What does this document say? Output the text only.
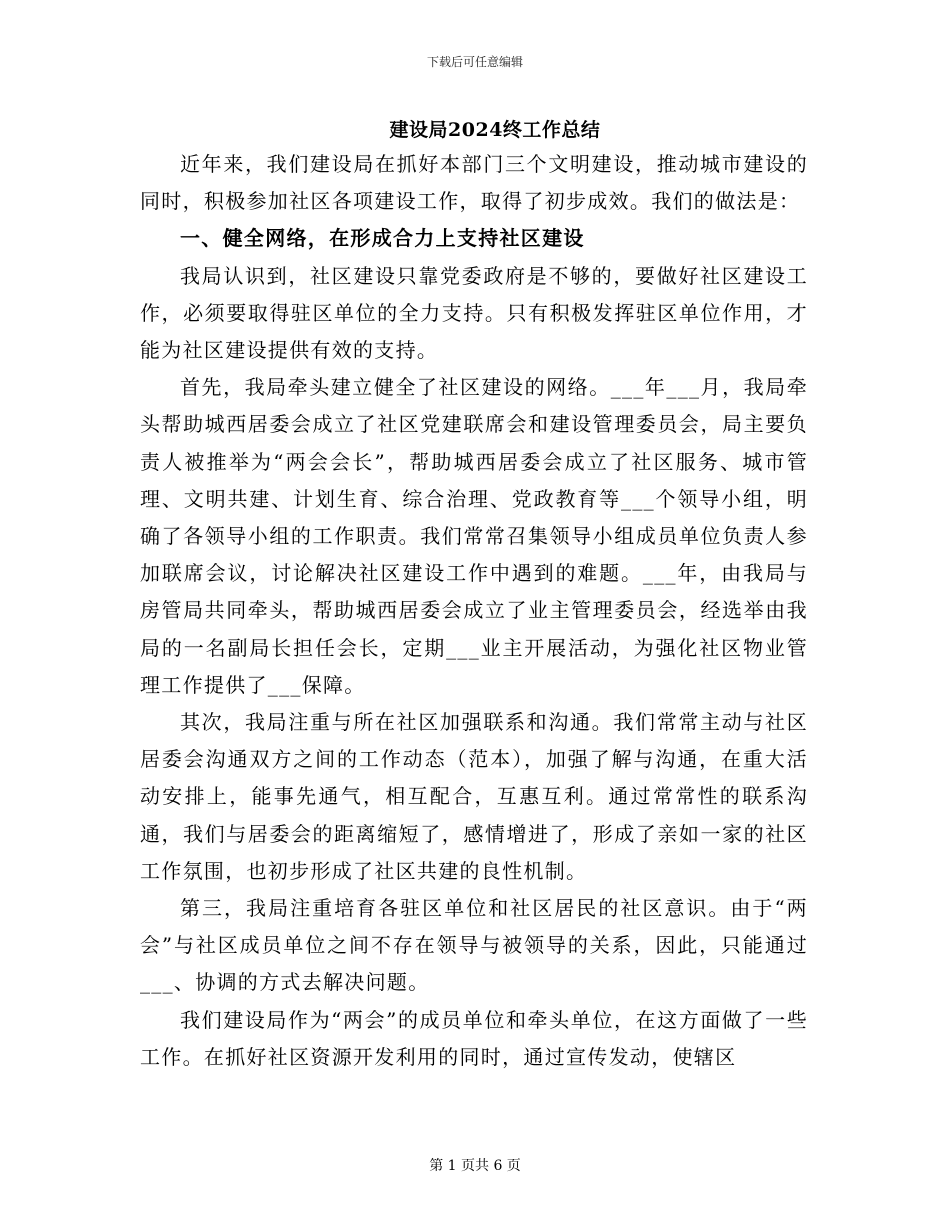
下载后可任意编辑
建设局2024终工作总结

近年来，我们建设局在抓好本部门三个文明建设，推动城市建设的同时，积极参加社区各项建设工作，取得了初步成效。我们的做法是：

一、健全网络，在形成合力上支持社区建设

我局认识到，社区建设只靠党委政府是不够的，要做好社区建设工作，必须要取得驻区单位的全力支持。只有积极发挥驻区单位作用，才能为社区建设提供有效的支持。

首先，我局牵头建立健全了社区建设的网络。___年___月，我局牵头帮助城西居委会成立了社区党建联席会和建设管理委员会，局主要负责人被推举为“两会会长”，帮助城西居委会成立了社区服务、城市管理、文明共建、计划生育、综合治理、党政教育等___个领导小组，明确了各领导小组的工作职责。我们常常召集领导小组成员单位负责人参加联席会议，讨论解决社区建设工作中遇到的难题。___年，由我局与房管局共同牵头，帮助城西居委会成立了业主管理委员会，经选举由我局的一名副局长担任会长，定期___业主开展活动，为强化社区物业管理工作提供了___保障。

其次，我局注重与所在社区加强联系和沟通。我们常常主动与社区居委会沟通双方之间的工作动态（范本），加强了解与沟通，在重大活动安排上，能事先通气，相互配合，互惠互利。通过常常性的联系沟通，我们与居委会的距离缩短了，感情增进了，形成了亲如一家的社区工作氛围，也初步形成了社区共建的良性机制。

第三，我局注重培育各驻区单位和社区居民的社区意识。由于“两会”与社区成员单位之间不存在领导与被领导的关系，因此，只能通过___、协调的方式去解决问题。

我们建设局作为“两会”的成员单位和牵头单位，在这方面做了一些工作。在抓好社区资源开发利用的同时，通过宣传发动，使辖区

第 1 页共 6 页
